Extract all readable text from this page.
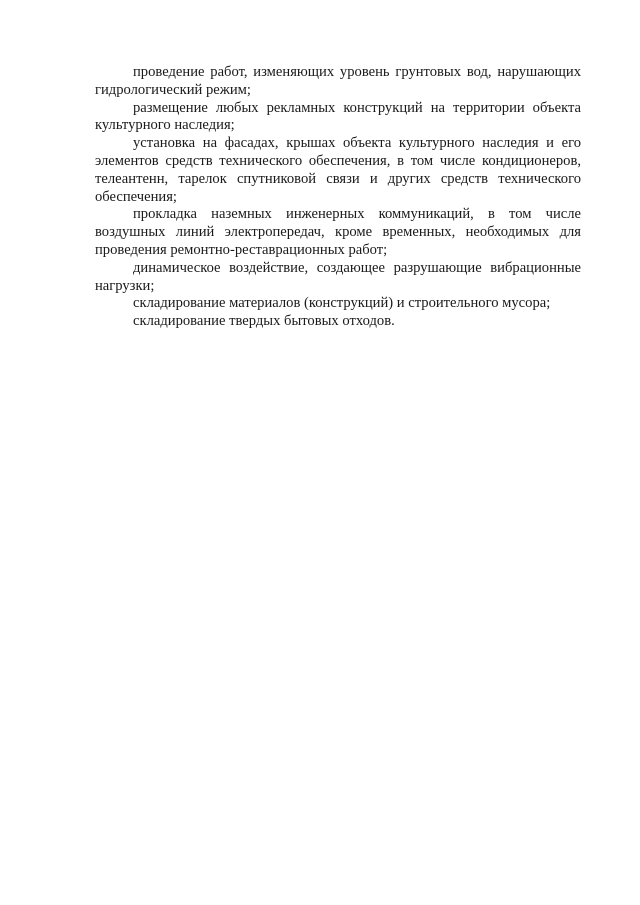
проведение работ, изменяющих уровень грунтовых вод, нарушающих гидрологический режим;

размещение любых рекламных конструкций на территории объекта культурного наследия;

установка на фасадах, крышах объекта культурного наследия и его элементов средств технического обеспечения, в том числе кондиционеров, телеантенн, тарелок спутниковой связи и других средств технического обеспечения;

прокладка наземных инженерных коммуникаций, в том числе воздушных линий электропередач, кроме временных, необходимых для проведения ремонтно-реставрационных работ;

динамическое воздействие, создающее разрушающие вибрационные нагрузки;

складирование материалов (конструкций) и строительного мусора;

складирование твердых бытовых отходов.
